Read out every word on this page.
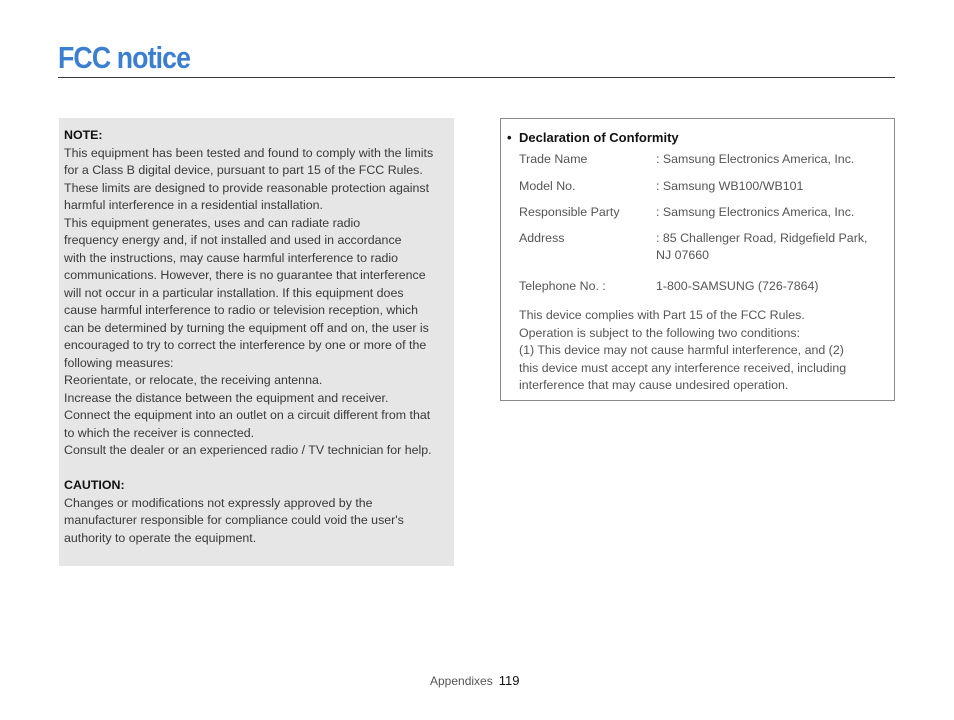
FCC notice
NOTE:
This equipment has been tested and found to comply with the limits
for a Class B digital device, pursuant to part 15 of the FCC Rules.
These limits are designed to provide reasonable protection against
harmful interference in a residential installation.
This equipment generates, uses and can radiate radio
frequency energy and, if not installed and used in accordance
with the instructions, may cause harmful interference to radio
communications. However, there is no guarantee that interference
will not occur in a particular installation. If this equipment does
cause harmful interference to radio or television reception, which
can be determined by turning the equipment off and on, the user is
encouraged to try to correct the interference by one or more of the
following measures:
Reorientate, or relocate, the receiving antenna.
Increase the distance between the equipment and receiver.
Connect the equipment into an outlet on a circuit different from that
to which the receiver is connected.
Consult the dealer or an experienced radio / TV technician for help.
CAUTION:
Changes or modifications not expressly approved by the
manufacturer responsible for compliance could void the user's
authority to operate the equipment.
• Declaration of Conformity
Trade Name	: Samsung Electronics America, Inc.
Model No.	: Samsung WB100/WB101
Responsible Party	: Samsung Electronics America, Inc.
Address	: 85 Challenger Road, Ridgefield Park,
NJ 07660
Telephone No. :	1-800-SAMSUNG (726-7864)
This device complies with Part 15 of the FCC Rules.
Operation is subject to the following two conditions:
(1) This device may not cause harmful interference, and (2)
this device must accept any interference received, including
interference that may cause undesired operation.
Appendixes 119
